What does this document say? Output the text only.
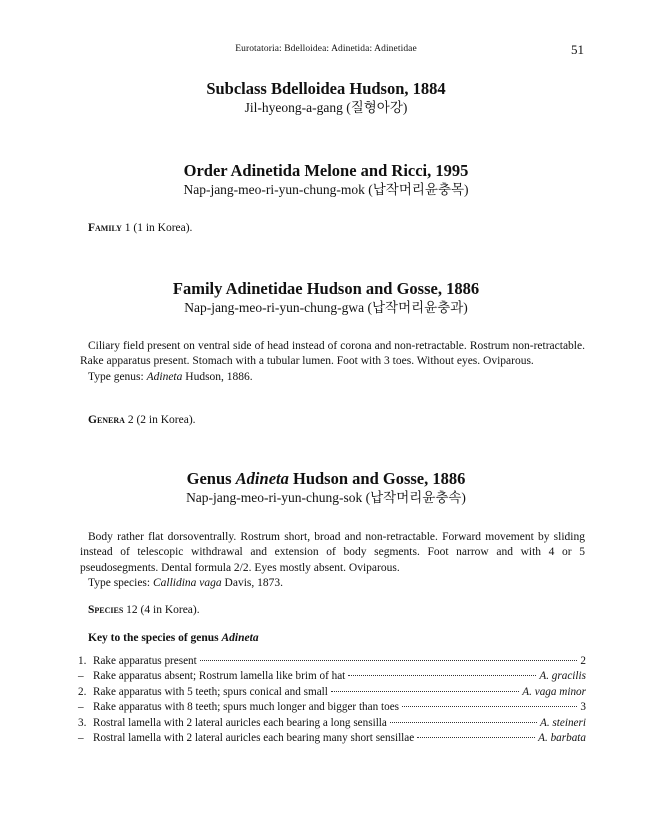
Eurotatoria: Bdelloidea: Adinetida: Adinetidae	51
Subclass Bdelloidea Hudson, 1884
Jil-hyeong-a-gang (질형아강)
Order Adinetida Melone and Ricci, 1995
Nap-jang-meo-ri-yun-chung-mok (납작머리윤충목)
Family 1 (1 in Korea).
Family Adinetidae Hudson and Gosse, 1886
Nap-jang-meo-ri-yun-chung-gwa (납작머리윤충과)
Ciliary field present on ventral side of head instead of corona and non-retractable. Rostrum non-retractable. Rake apparatus present. Stomach with a tubular lumen. Foot with 3 toes. Without eyes. Oviparous.
Type genus: Adineta Hudson, 1886.
Genera 2 (2 in Korea).
Genus Adineta Hudson and Gosse, 1886
Nap-jang-meo-ri-yun-chung-sok (납작머리윤충속)
Body rather flat dorsoventrally. Rostrum short, broad and non-retractable. Forward movement by sliding instead of telescopic withdrawal and extension of body segments. Foot narrow and with 4 or 5 pseudosegments. Dental formula 2/2. Eyes mostly absent. Oviparous.
Type species: Callidina vaga Davis, 1873.
Species 12 (4 in Korea).
Key to the species of genus Adineta
1. Rake apparatus present	2
– Rake apparatus absent; Rostrum lamella like brim of hat	A. gracilis
2. Rake apparatus with 5 teeth; spurs conical and small	A. vaga minor
– Rake apparatus with 8 teeth; spurs much longer and bigger than toes	3
3. Rostral lamella with 2 lateral auricles each bearing a long sensilla	A. steineri
– Rostral lamella with 2 lateral auricles each bearing many short sensillae	A. barbata
